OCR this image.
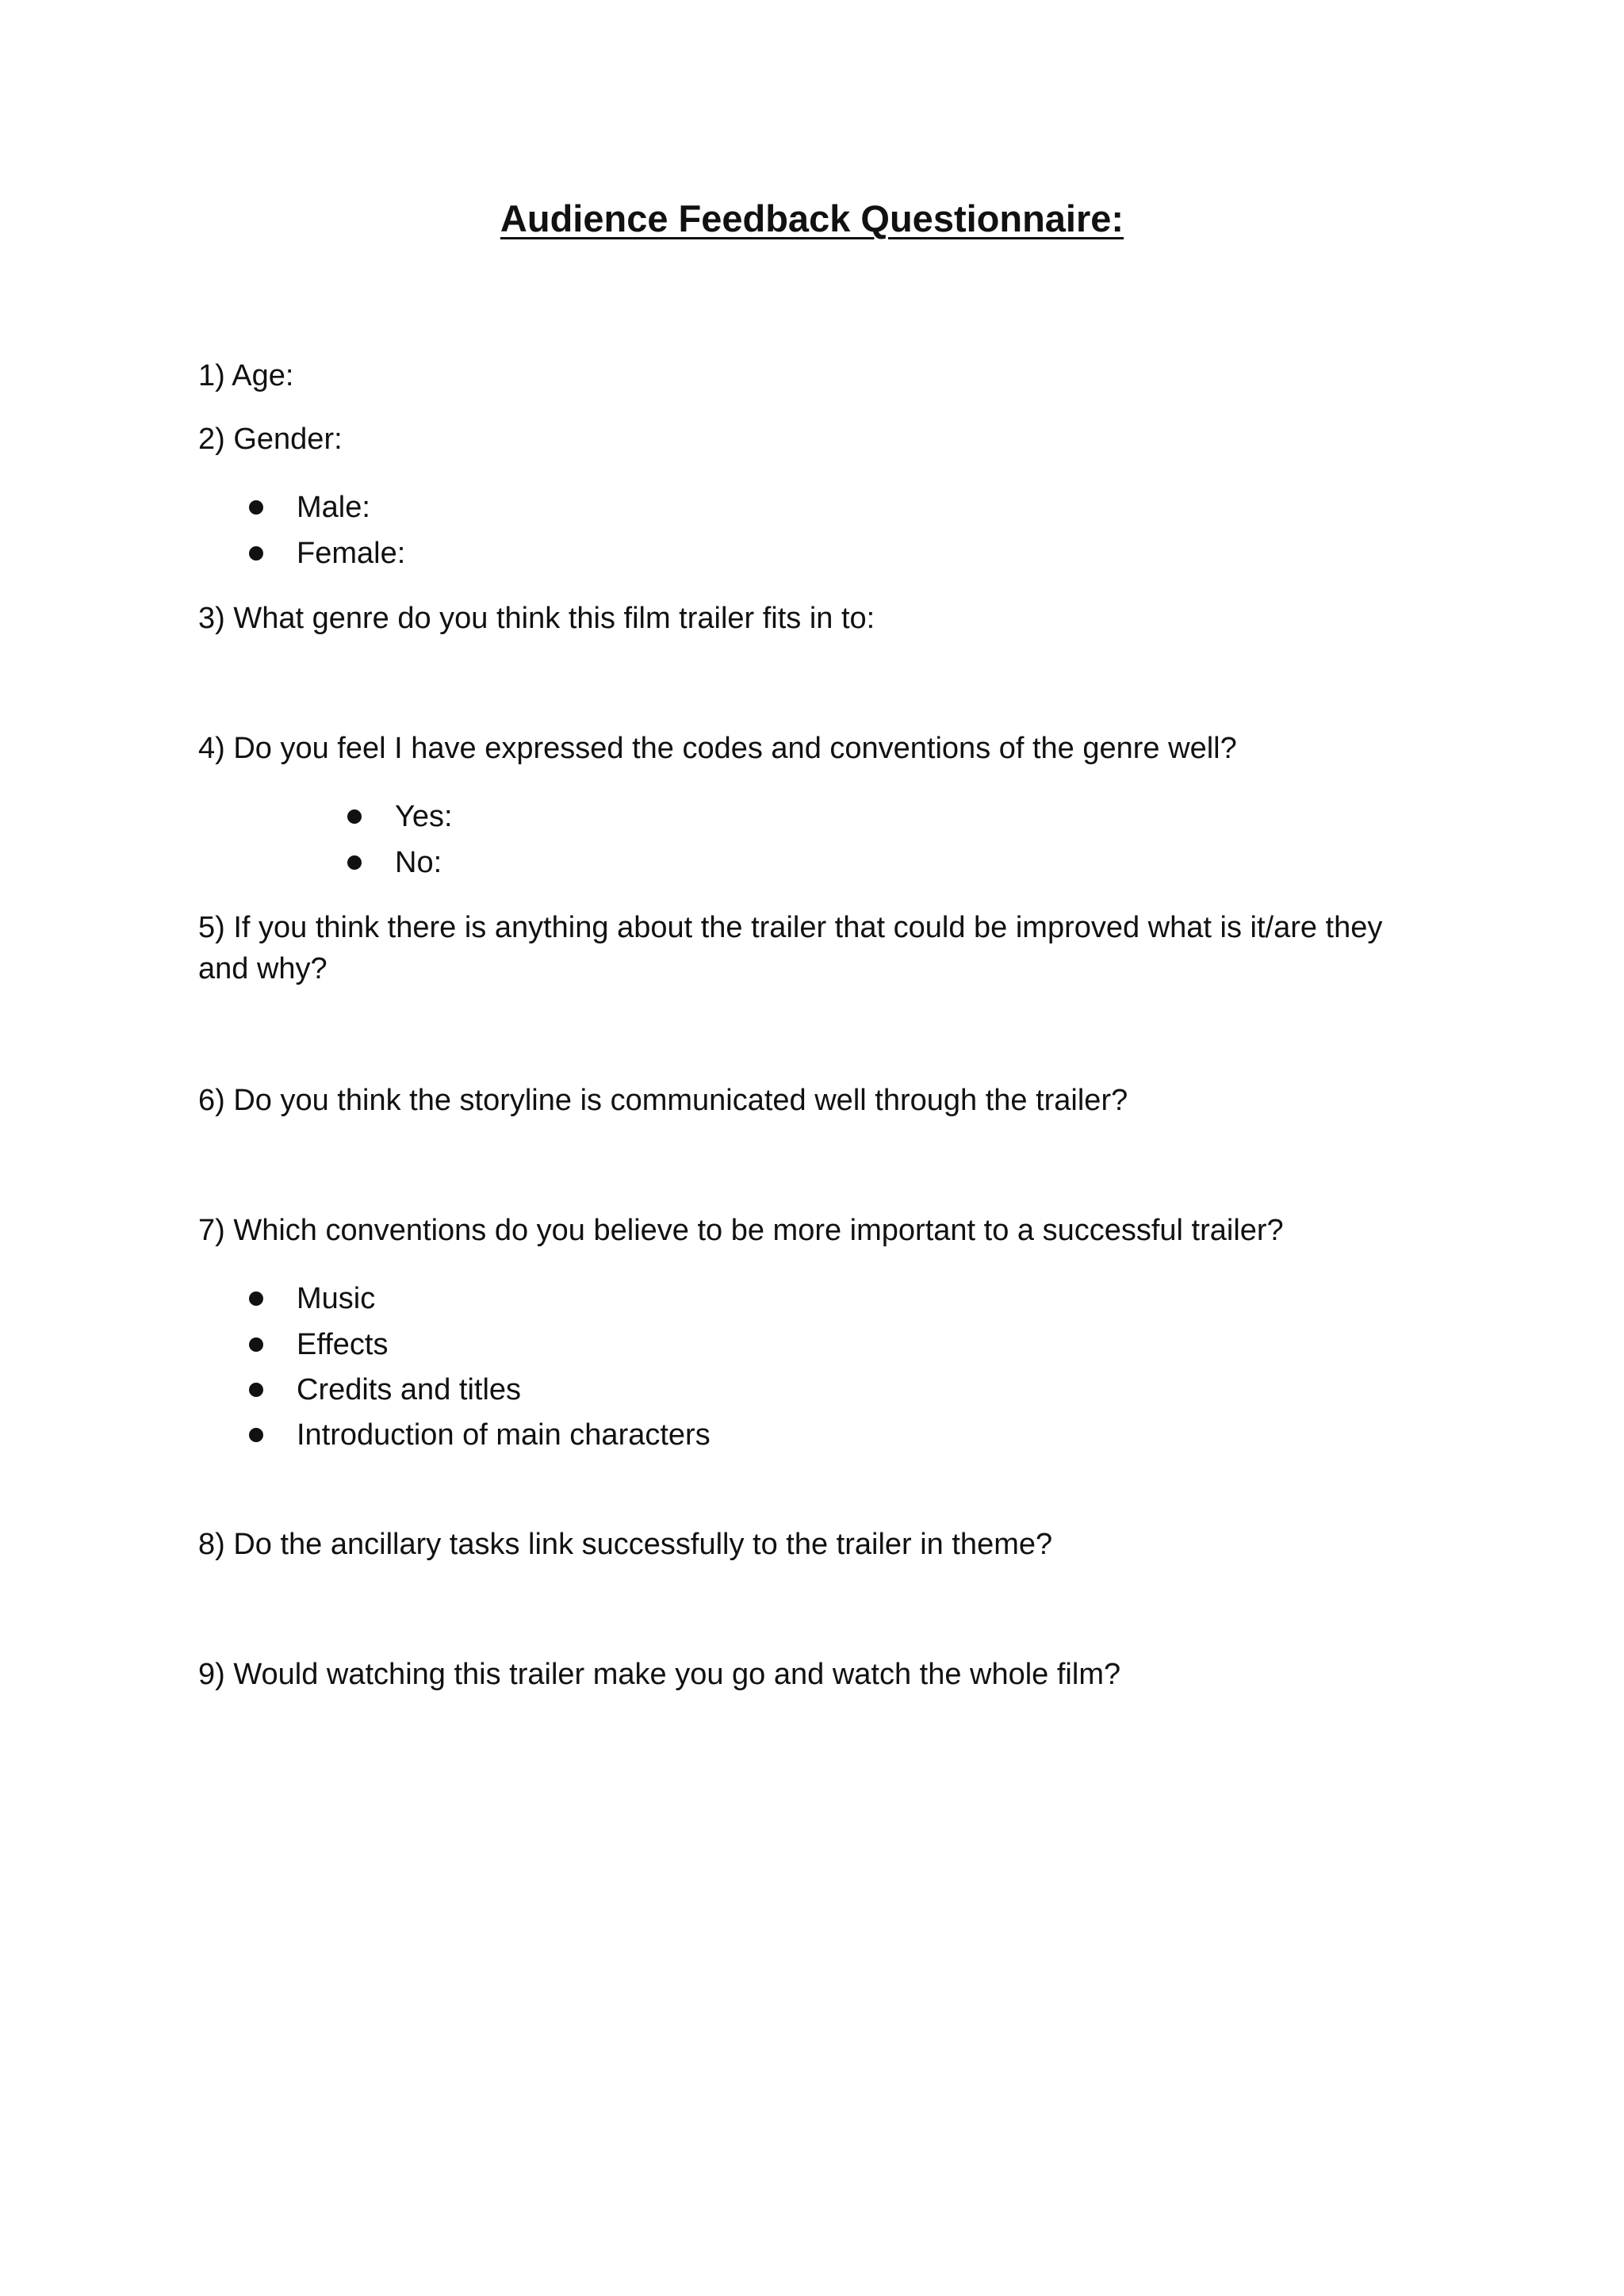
Audience Feedback Questionnaire:
1) Age:
2) Gender:
Male:
Female:
3) What genre do you think this film trailer fits in to:
4) Do you feel I have expressed the codes and conventions of the genre well?
Yes:
No:
5) If you think there is anything about the trailer that could be improved what is it/are they and why?
6) Do you think the storyline is communicated well through the trailer?
7) Which conventions do you believe to be more important to a successful trailer?
Music
Effects
Credits and titles
Introduction of main characters
8) Do the ancillary tasks link successfully to the trailer in theme?
9) Would watching this trailer make you go and watch the whole film?
